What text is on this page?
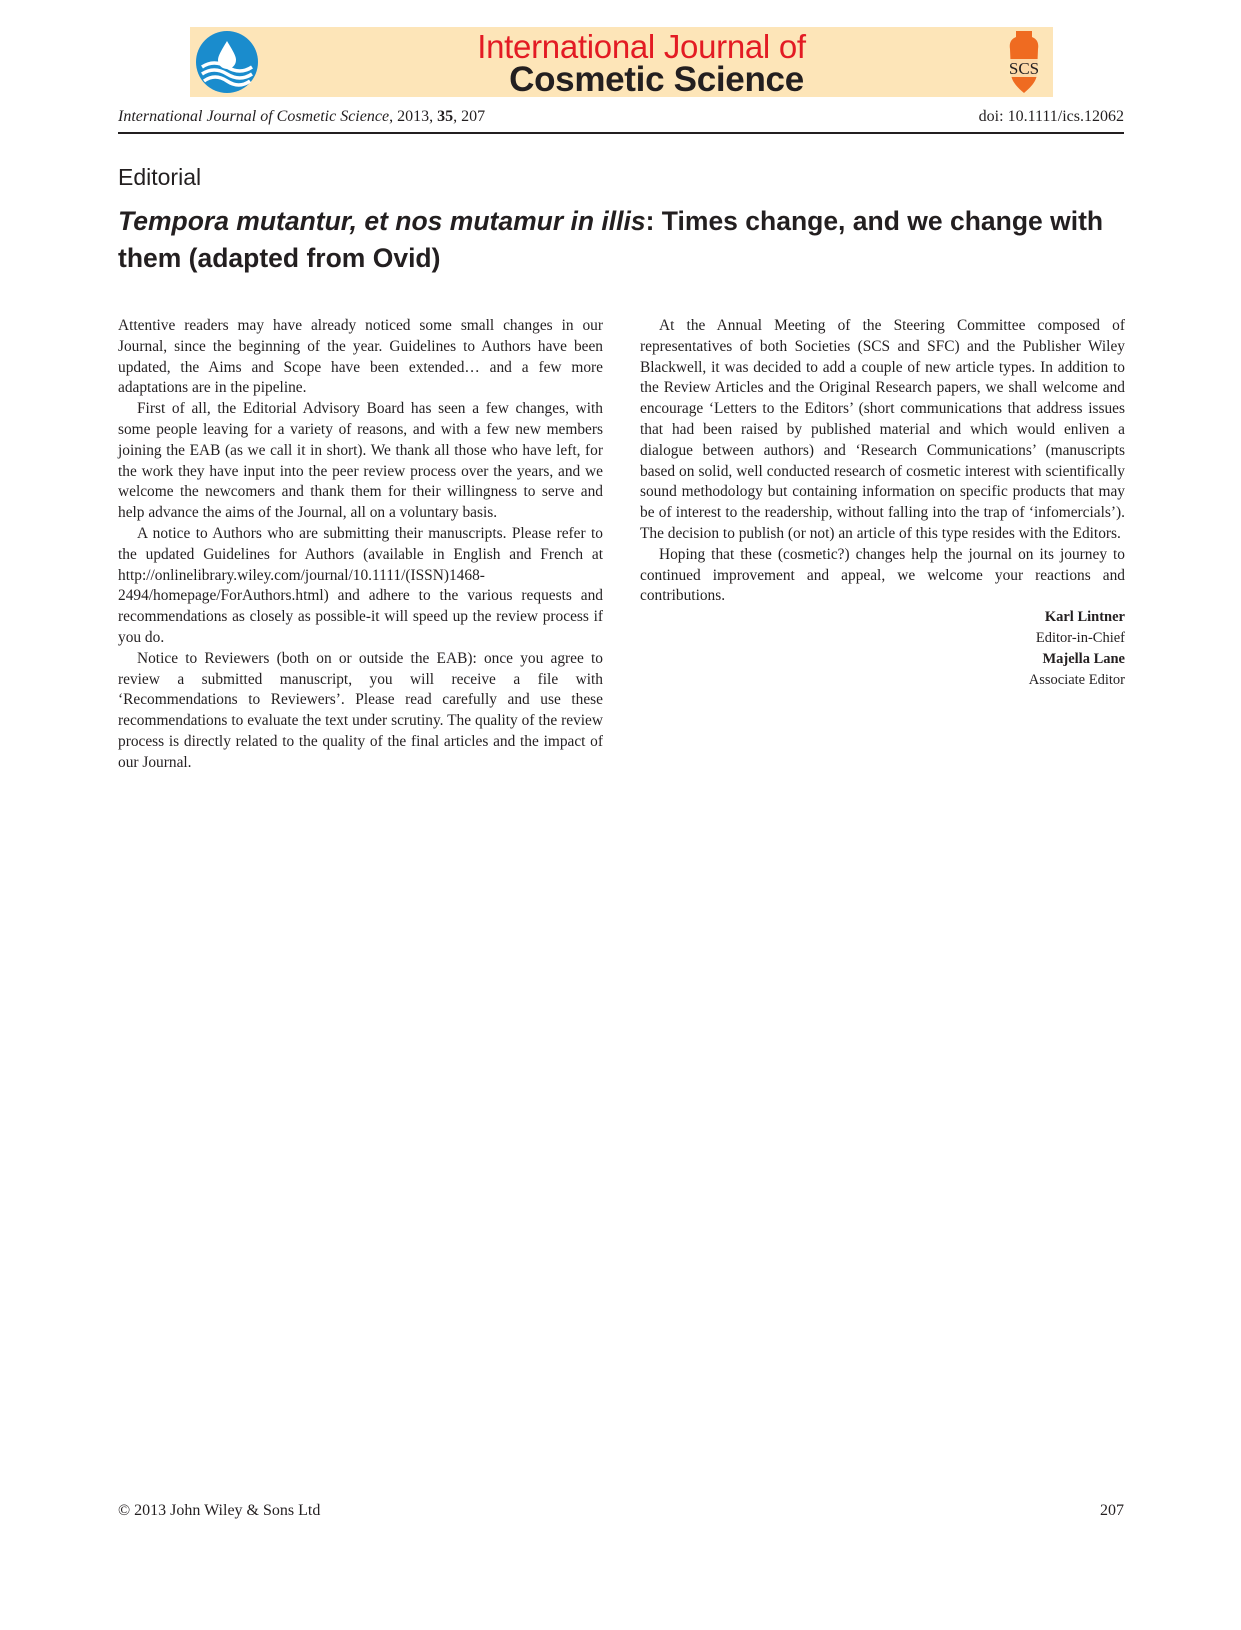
International Journal of
Cosmetic Science	SCS
International Journal of Cosmetic Science, 2013, 35, 207	doi: 10.1111/ics.12062
Editorial
Tempora mutantur, et nos mutamur in illis: Times change, and we change with them (adapted from Ovid)

Attentive readers may have already noticed some small changes in our Journal, since the beginning of the year. Guidelines to Authors have been updated, the Aims and Scope have been extended… and a few more adaptations are in the pipeline.

First of all, the Editorial Advisory Board has seen a few changes, with some people leaving for a variety of reasons, and with a few new members joining the EAB (as we call it in short). We thank all those who have left, for the work they have input into the peer review process over the years, and we welcome the newcomers and thank them for their willingness to serve and help advance the aims of the Journal, all on a voluntary basis.

A notice to Authors who are submitting their manuscripts. Please refer to the updated Guidelines for Authors (available in English and French at http://onlinelibrary.wiley.com/journal/10.1111/(ISSN)1468-2494/homepage/ForAuthors.html) and adhere to the various requests and recommendations as closely as possible-it will speed up the review process if you do.

Notice to Reviewers (both on or outside the EAB): once you agree to review a submitted manuscript, you will receive a file with ‘Recommendations to Reviewers’. Please read carefully and use these recommendations to evaluate the text under scrutiny. The quality of the review process is directly related to the quality of the final articles and the impact of our Journal.

At the Annual Meeting of the Steering Committee composed of representatives of both Societies (SCS and SFC) and the Publisher Wiley Blackwell, it was decided to add a couple of new article types. In addition to the Review Articles and the Original Research papers, we shall welcome and encourage ‘Letters to the Editors’ (short communications that address issues that had been raised by published material and which would enliven a dialogue between authors) and ‘Research Communications’ (manuscripts based on solid, well conducted research of cosmetic interest with scientifically sound methodology but containing information on specific products that may be of interest to the readership, without falling into the trap of ‘infomercials’). The decision to publish (or not) an article of this type resides with the Editors.

Hoping that these (cosmetic?) changes help the journal on its journey to continued improvement and appeal, we welcome your reactions and contributions.

Karl Lintner
Editor-in-Chief
Majella Lane
Associate Editor
© 2013 John Wiley & Sons Ltd	207
